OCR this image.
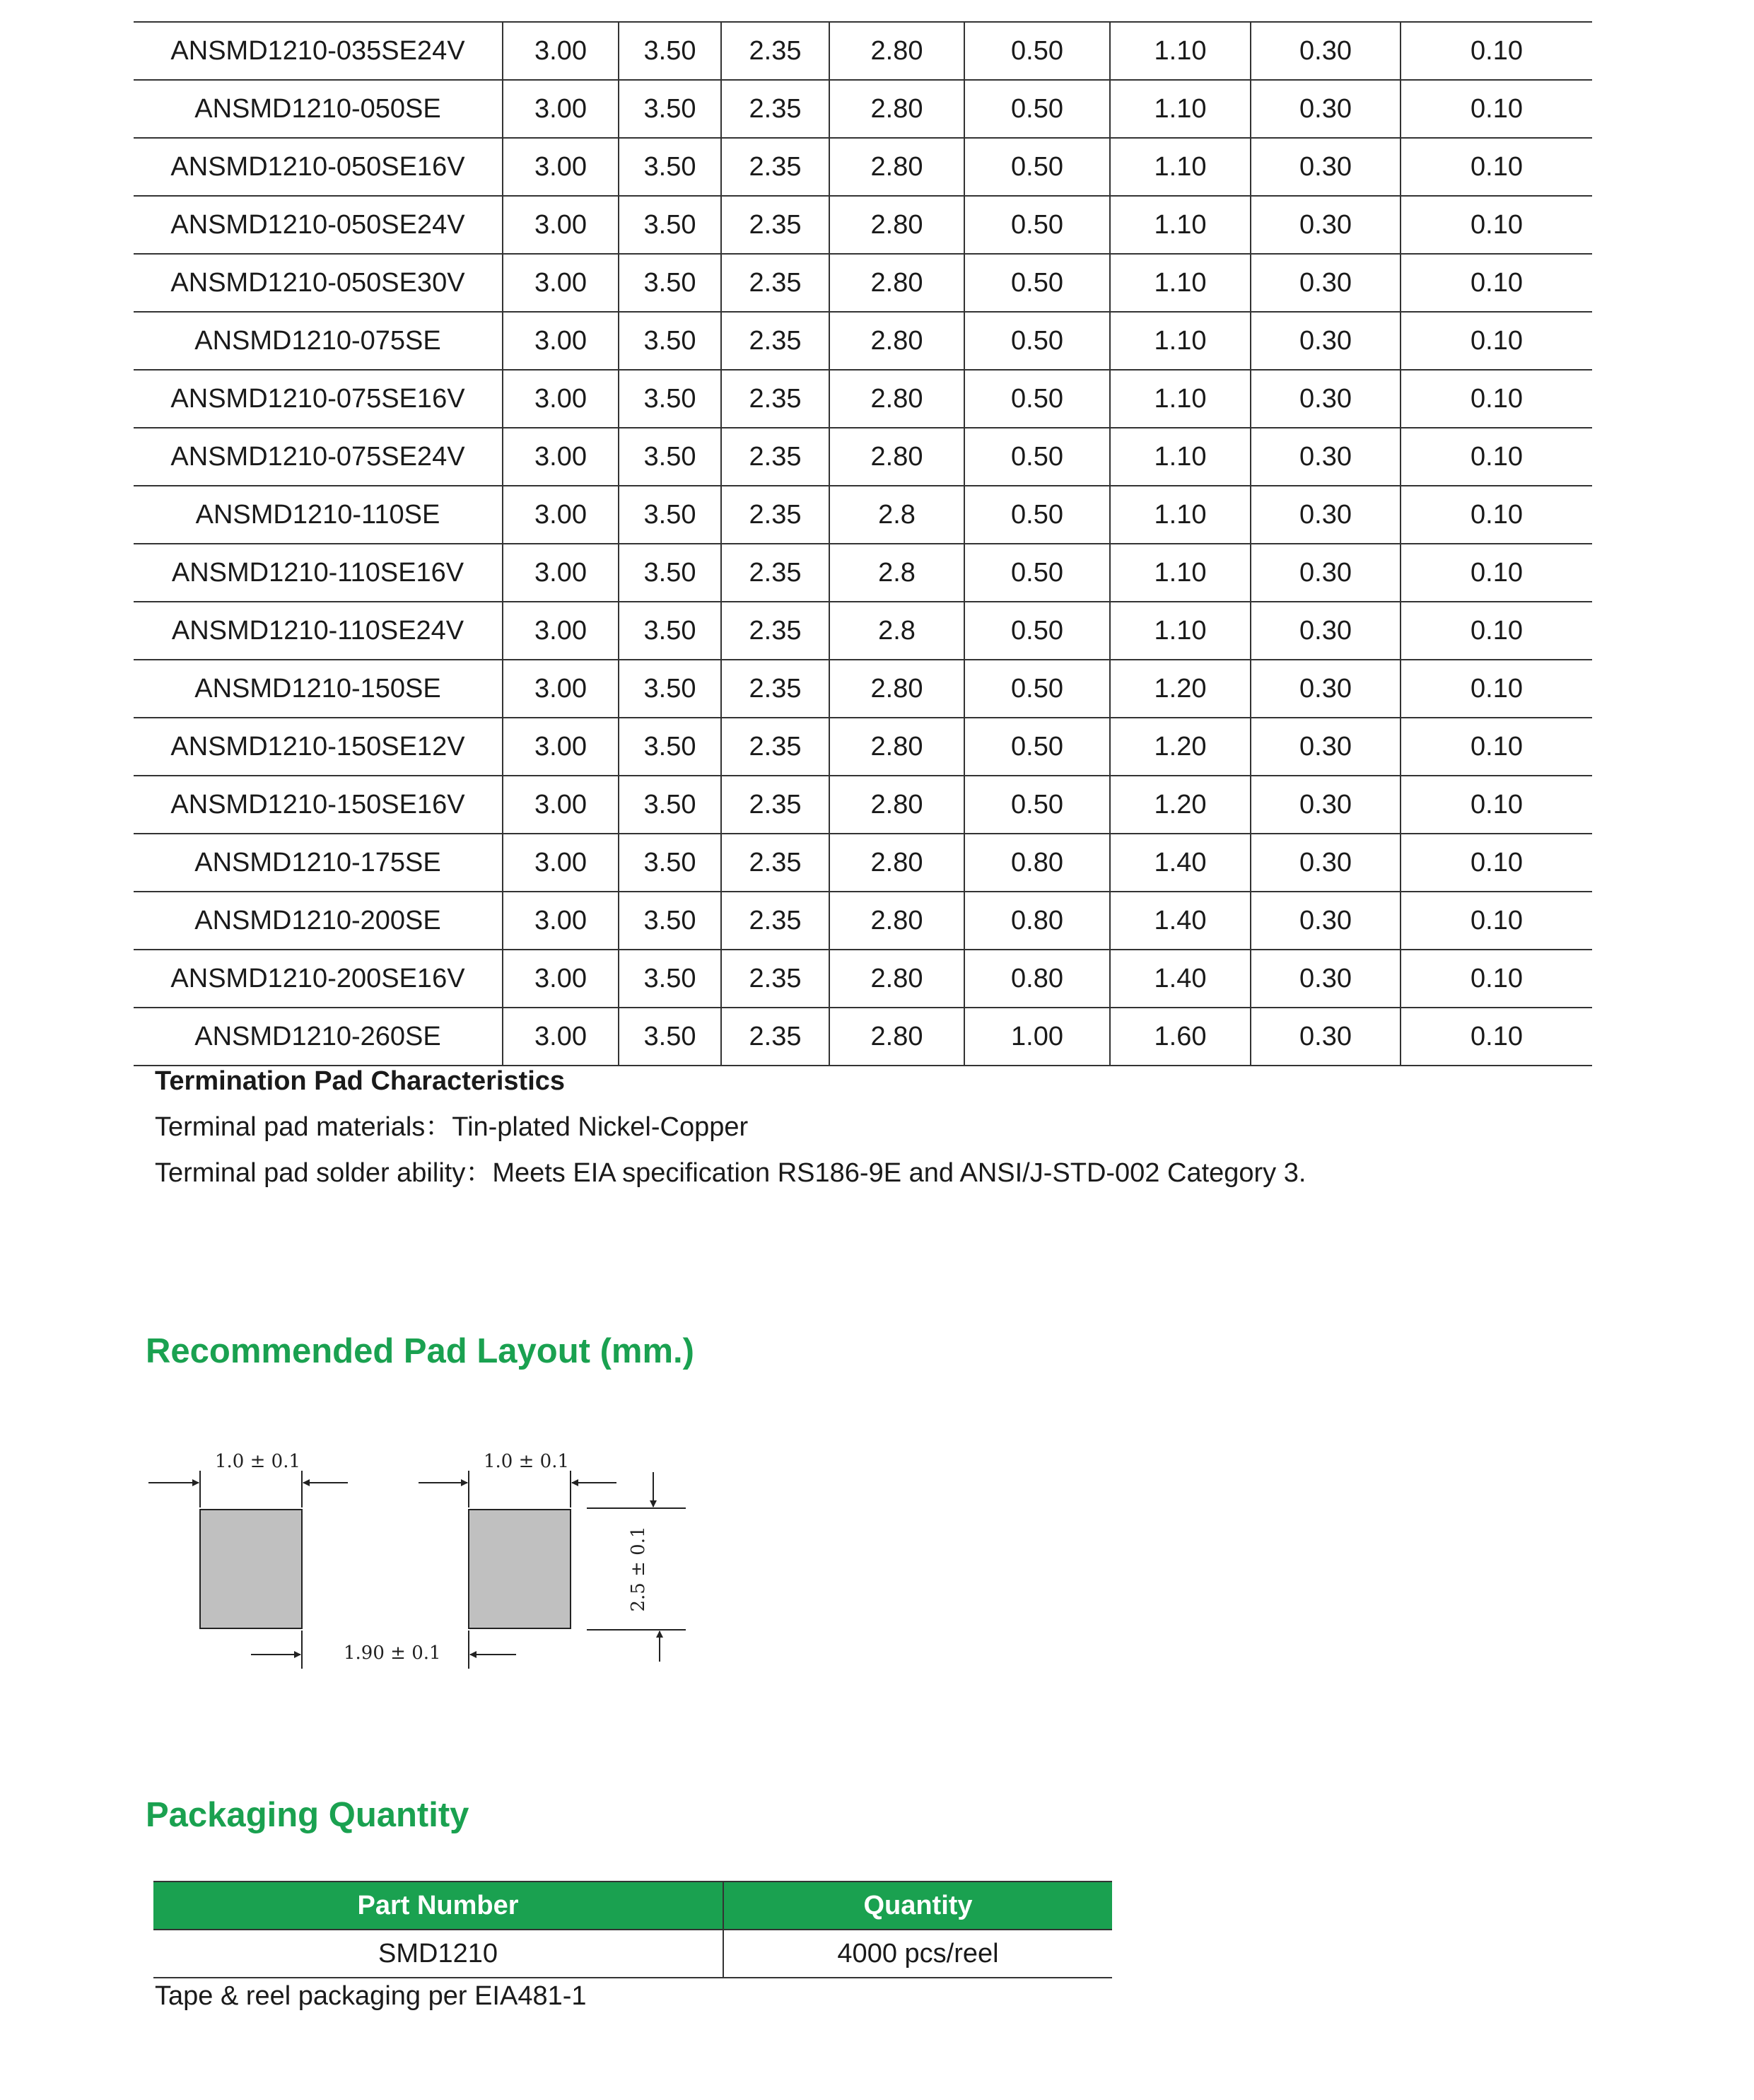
ANSMD1210-035SE24V	3.00	3.50	2.35	2.80	0.50	1.10	0.30	0.10
ANSMD1210-050SE	3.00	3.50	2.35	2.80	0.50	1.10	0.30	0.10
ANSMD1210-050SE16V	3.00	3.50	2.35	2.80	0.50	1.10	0.30	0.10
ANSMD1210-050SE24V	3.00	3.50	2.35	2.80	0.50	1.10	0.30	0.10
ANSMD1210-050SE30V	3.00	3.50	2.35	2.80	0.50	1.10	0.30	0.10
ANSMD1210-075SE	3.00	3.50	2.35	2.80	0.50	1.10	0.30	0.10
ANSMD1210-075SE16V	3.00	3.50	2.35	2.80	0.50	1.10	0.30	0.10
ANSMD1210-075SE24V	3.00	3.50	2.35	2.80	0.50	1.10	0.30	0.10
ANSMD1210-110SE	3.00	3.50	2.35	2.8	0.50	1.10	0.30	0.10
ANSMD1210-110SE16V	3.00	3.50	2.35	2.8	0.50	1.10	0.30	0.10
ANSMD1210-110SE24V	3.00	3.50	2.35	2.8	0.50	1.10	0.30	0.10
ANSMD1210-150SE	3.00	3.50	2.35	2.80	0.50	1.20	0.30	0.10
ANSMD1210-150SE12V	3.00	3.50	2.35	2.80	0.50	1.20	0.30	0.10
ANSMD1210-150SE16V	3.00	3.50	2.35	2.80	0.50	1.20	0.30	0.10
ANSMD1210-175SE	3.00	3.50	2.35	2.80	0.80	1.40	0.30	0.10
ANSMD1210-200SE	3.00	3.50	2.35	2.80	0.80	1.40	0.30	0.10
ANSMD1210-200SE16V	3.00	3.50	2.35	2.80	0.80	1.40	0.30	0.10
ANSMD1210-260SE	3.00	3.50	2.35	2.80	1.00	1.60	0.30	0.10
Termination Pad Characteristics
Terminal pad materials：Tin-plated Nickel-Copper
Terminal pad solder ability：Meets EIA specification RS186-9E and ANSI/J-STD-002 Category 3.
Recommended Pad Layout (mm.)
1.0 ± 0.1	1.0 ± 0.1
1.90 ± 0.1
2.5 ± 0.1
Packaging Quantity
Part Number	Quantity
SMD1210	4000 pcs/reel
Tape & reel packaging per EIA481-1
